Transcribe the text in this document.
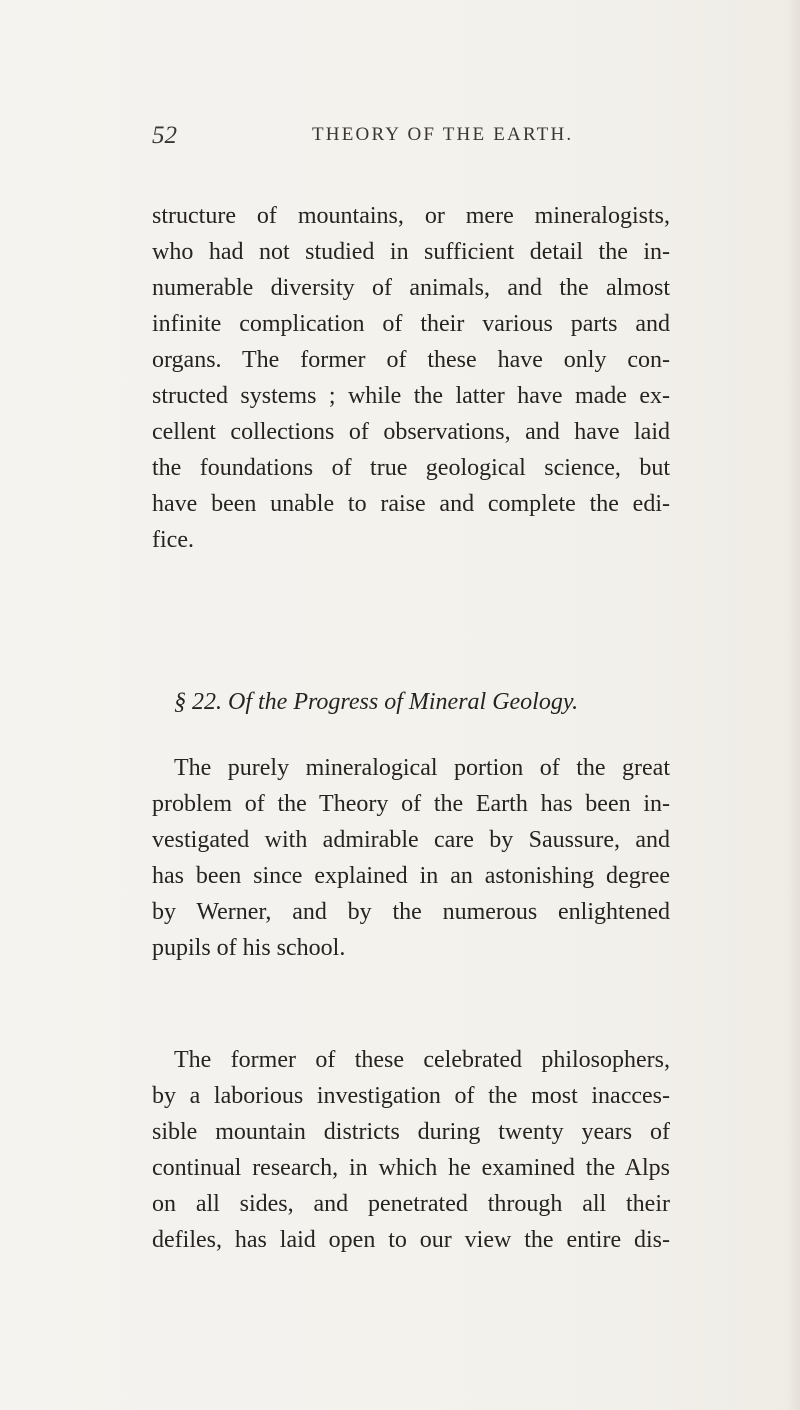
52	THEORY OF THE EARTH.
structure of mountains, or mere mineralogists,
who had not studied in sufficient detail the in-
numerable diversity of animals, and the almost
infinite complication of their various parts and
organs. The former of these have only con-
structed systems ; while the latter have made ex-
cellent collections of observations, and have laid
the foundations of true geological science, but
have been unable to raise and complete the edi-
fice.
§ 22. Of the Progress of Mineral Geology.
The purely mineralogical portion of the great
problem of the Theory of the Earth has been in-
vestigated with admirable care by Saussure, and
has been since explained in an astonishing degree
by Werner, and by the numerous enlightened
pupils of his school.
The former of these celebrated philosophers,
by a laborious investigation of the most inacces-
sible mountain districts during twenty years of
continual research, in which he examined the Alps
on all sides, and penetrated through all their
defiles, has laid open to our view the entire dis-
